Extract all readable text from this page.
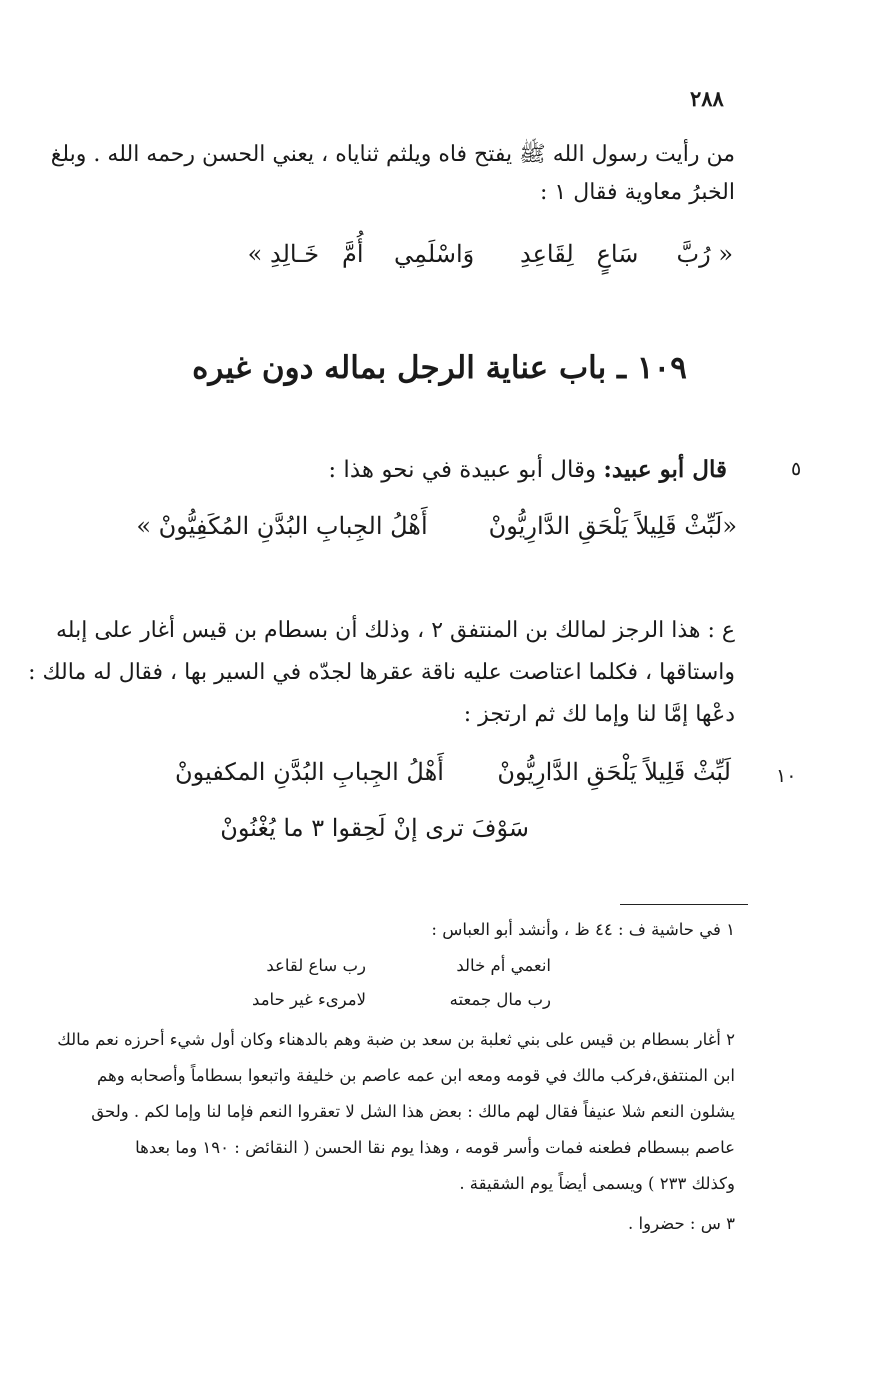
٢٨٨
من رأيت رسول الله ﷺ يفتح فاه ويلثم ثناياه ، يعني الحسن رحمه الله . وبلغ
الخبرُ معاوية فقال ١ :
« رُبَّ     سَاعٍ   لِقَاعِدِ      وَاسْلَمِي    أُمَّ   خَـالِدِ »
١٠٩ ـ باب عناية الرجل بماله دون غيره
٥
قال أبو عبيد: وقال أبو عبيدة في نحو هذا :
«لَبِّثْ قَلِيلاً يَلْحَقِ الدَّارِيُّونْ        أَهْلُ الجِبابِ البُدَّنِ المُكَفِيُّونْ »
ع : هذا الرجز لمالك بن المنتفق ٢ ، وذلك أن بسطام بن قيس أغار على إبله
واستاقها ، فكلما اعتاصت عليه ناقة عقرها لجدّه في السير بها ، فقال له مالك :
دعْها إمَّا لنا وإما لك ثم ارتجز :
١٠
لَبِّثْ قَلِيلاً يَلْحَقِ الدَّارِيُّونْ       أَهْلُ الجِبابِ البُدَّنِ المكفيونْ
سَوْفَ ترى إنْ لَحِقوا ٣ ما يُغْنُونْ
١ في حاشية ف : ٤٤ ظ ، وأنشد أبو العباس :
انعمي أم خالد
رب ساع لقاعد
رب مال جمعته
لامرىء غير حامد
٢ أغار بسطام بن قيس على بني ثعلبة بن سعد بن ضبة وهم بالدهناء وكان أول شيء أحرزه نعم مالك
ابن المنتفق،فركب مالك في قومه ومعه ابن عمه عاصم بن خليفة واتبعوا بسطاماً وأصحابه وهم
يشلون النعم شلا عنيفاً فقال لهم مالك : بعض هذا الشل لا تعقروا النعم فإما لنا وإما لكم . ولحق
عاصم ببسطام فطعنه فمات وأسر قومه ، وهذا يوم نقا الحسن ( النقائض : ١٩٠ وما بعدها
وكذلك ٢٣٣ ) ويسمى أيضاً يوم الشقيقة .
٣ س : حضروا .
